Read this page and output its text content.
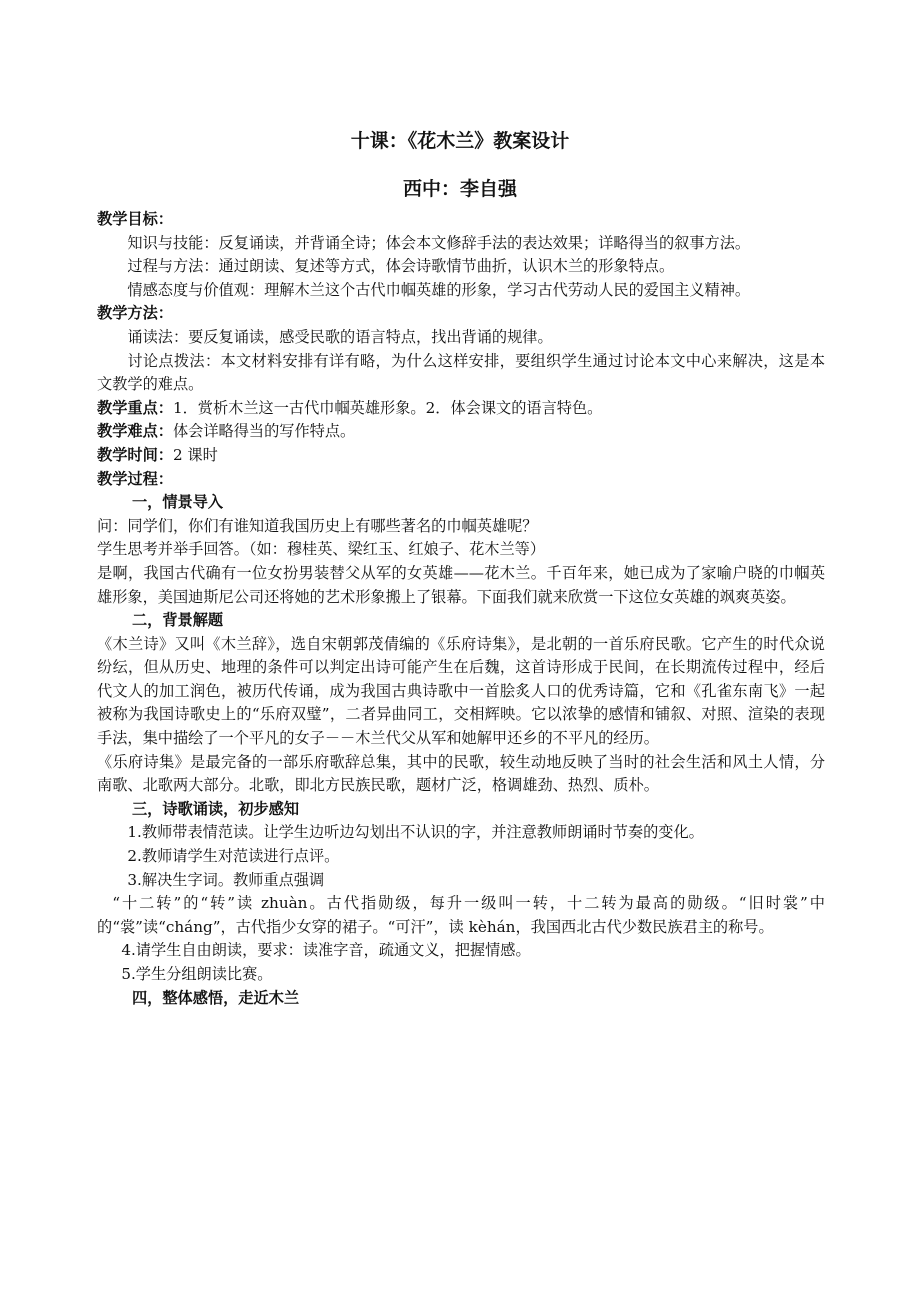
十课：《花木兰》教案设计
西中：李自强

教学目标：

知识与技能：反复诵读，并背诵全诗；体会本文修辞手法的表达效果；详略得当的叙事方法。

过程与方法：通过朗读、复述等方式，体会诗歌情节曲折，认识木兰的形象特点。

情感态度与价值观：理解木兰这个古代巾帼英雄的形象，学习古代劳动人民的爱国主义精神。

教学方法：

诵读法：要反复诵读，感受民歌的语言特点，找出背诵的规律。

讨论点拨法：本文材料安排有详有略，为什么这样安排，要组织学生通过讨论本文中心来解决，这是本文教学的难点。

教学重点：1．赏析木兰这一古代巾帼英雄形象。2．体会课文的语言特色。

教学难点：体会详略得当的写作特点。

教学时间：2 课时

教学过程：

一，情景导入

问：同学们，你们有谁知道我国历史上有哪些著名的巾帼英雄呢？

学生思考并举手回答。（如：穆桂英、梁红玉、红娘子、花木兰等）

是啊，我国古代确有一位女扮男装替父从军的女英雄——花木兰。千百年来，她已成为了家喻户晓的巾帼英雄形象，美国迪斯尼公司还将她的艺术形象搬上了银幕。下面我们就来欣赏一下这位女英雄的飒爽英姿。

二，背景解题

《木兰诗》又叫《木兰辞》，选自宋朝郭茂倩编的《乐府诗集》，是北朝的一首乐府民歌。它产生的时代众说纷纭，但从历史、地理的条件可以判定出诗可能产生在后魏，这首诗形成于民间，在长期流传过程中，经后代文人的加工润色，被历代传诵，成为我国古典诗歌中一首脍炙人口的优秀诗篇，它和《孔雀东南飞》一起被称为我国诗歌史上的“乐府双璧”，二者异曲同工，交相辉映。它以浓挚的感情和铺叙、对照、渲染的表现手法，集中描绘了一个平凡的女子－－木兰代父从军和她解甲还乡的不平凡的经历。

《乐府诗集》是最完备的一部乐府歌辞总集，其中的民歌，较生动地反映了当时的社会生活和风土人情，分南歌、北歌两大部分。北歌，即北方民族民歌，题材广泛，格调雄劲、热烈、质朴。

三，诗歌诵读，初步感知

1.教师带表情范读。让学生边听边勾划出不认识的字，并注意教师朗诵时节奏的变化。

2.教师请学生对范读进行点评。

3.解决生字词。教师重点强调

“十二转”的“转”读 zhuàn。古代指勋级，每升一级叫一转，十二转为最高的勋级。“旧时裳”中的“裳”读“cháng”，古代指少女穿的裙子。“可汗”，读 kèhán，我国西北古代少数民族君主的称号。

4.请学生自由朗读，要求：读准字音，疏通文义，把握情感。

5.学生分组朗读比赛。

四，整体感悟，走近木兰
